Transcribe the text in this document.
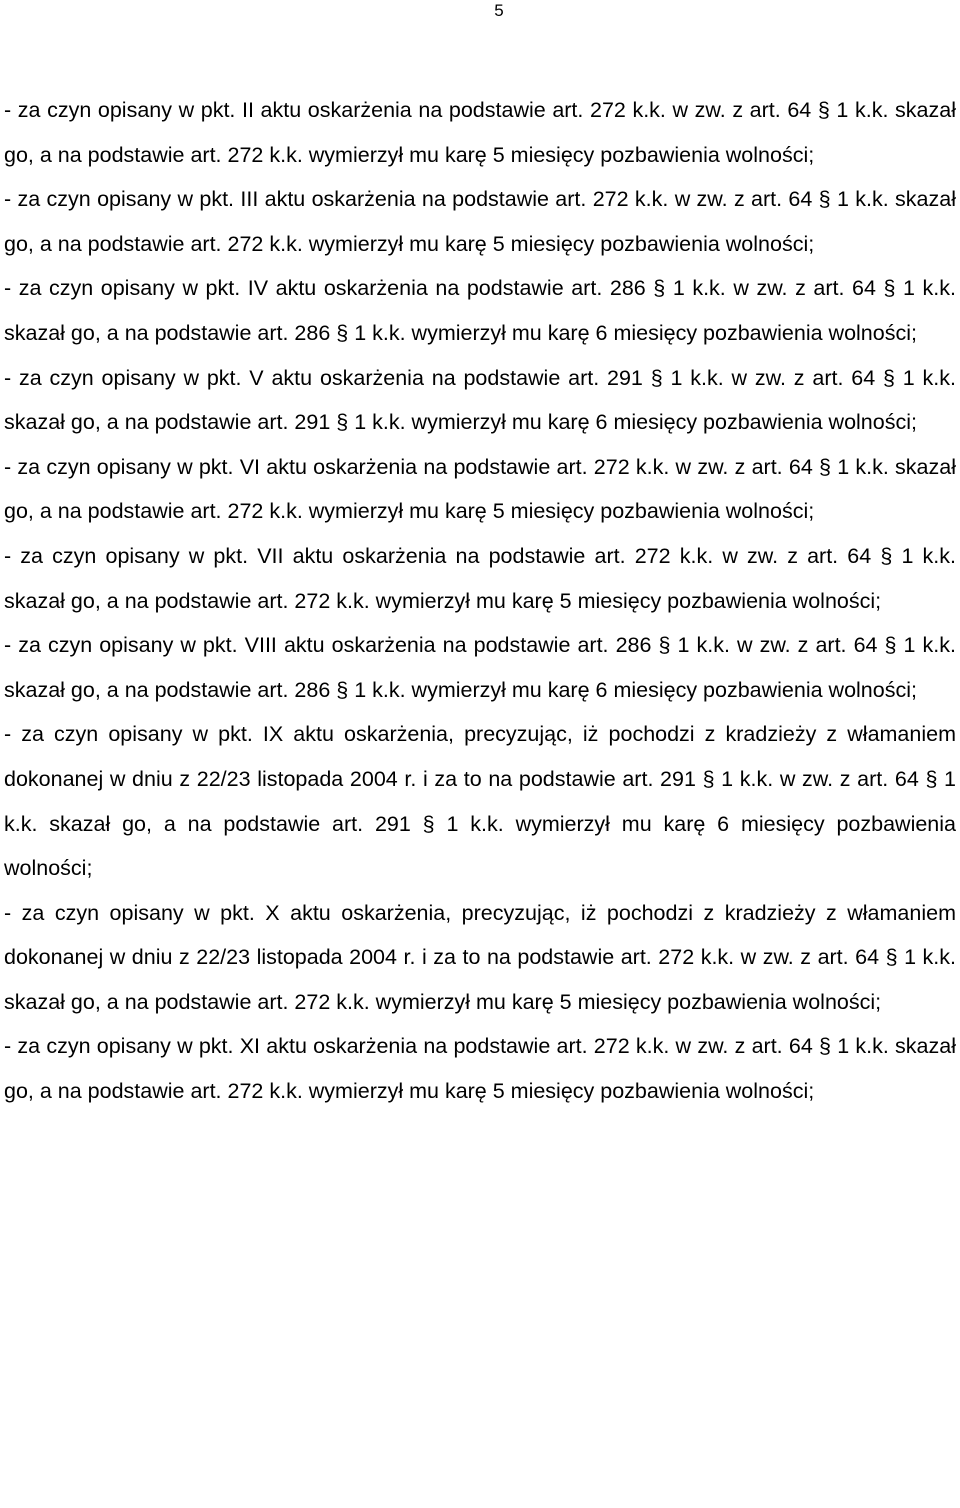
5

- za czyn opisany w pkt. II aktu oskarżenia na podstawie art. 272 k.k. w zw. z art. 64 § 1 k.k. skazał go, a na podstawie art. 272 k.k. wymierzył mu karę 5 miesięcy pozbawienia wolności;

- za czyn opisany w pkt. III aktu oskarżenia na podstawie art. 272 k.k. w zw. z art. 64 § 1 k.k. skazał go, a na podstawie art. 272 k.k. wymierzył mu karę 5 miesięcy pozbawienia wolności;

- za czyn opisany w pkt. IV aktu oskarżenia na podstawie art. 286 § 1 k.k. w zw. z art. 64 § 1 k.k. skazał go, a na podstawie art. 286 § 1 k.k. wymierzył mu karę 6 miesięcy pozbawienia wolności;

- za czyn opisany w pkt. V aktu oskarżenia na podstawie art. 291 § 1 k.k. w zw. z art. 64 § 1 k.k. skazał go, a na podstawie art. 291 § 1 k.k. wymierzył mu karę 6 miesięcy pozbawienia wolności;

- za czyn opisany w pkt. VI aktu oskarżenia na podstawie art. 272 k.k. w zw. z art. 64 § 1 k.k. skazał go, a na podstawie art. 272 k.k. wymierzył mu karę 5 miesięcy pozbawienia wolności;

- za czyn opisany w pkt. VII aktu oskarżenia na podstawie art. 272 k.k. w zw. z art. 64 § 1 k.k. skazał go, a na podstawie art. 272 k.k. wymierzył mu karę 5 miesięcy pozbawienia wolności;

- za czyn opisany w pkt. VIII aktu oskarżenia na podstawie art. 286 § 1 k.k. w zw. z art. 64 § 1 k.k. skazał go, a na podstawie art. 286 § 1 k.k. wymierzył mu karę 6 miesięcy pozbawienia wolności;

- za czyn opisany w pkt. IX aktu oskarżenia, precyzując, iż pochodzi z kradzieży z włamaniem dokonanej w dniu z 22/23 listopada 2004 r. i za to na podstawie art. 291 § 1 k.k. w zw. z art. 64 § 1 k.k. skazał go, a na podstawie art. 291 § 1 k.k. wymierzył mu karę 6 miesięcy pozbawienia wolności;

- za czyn opisany w pkt. X aktu oskarżenia, precyzując, iż pochodzi z kradzieży z włamaniem dokonanej w dniu z 22/23 listopada 2004 r. i za to na podstawie art. 272 k.k. w zw. z art. 64 § 1 k.k. skazał go, a na podstawie art. 272 k.k. wymierzył mu karę 5 miesięcy pozbawienia wolności;

- za czyn opisany w pkt. XI aktu oskarżenia na podstawie art. 272 k.k. w zw. z art. 64 § 1 k.k. skazał go, a na podstawie art. 272 k.k. wymierzył mu karę 5 miesięcy pozbawienia wolności;
